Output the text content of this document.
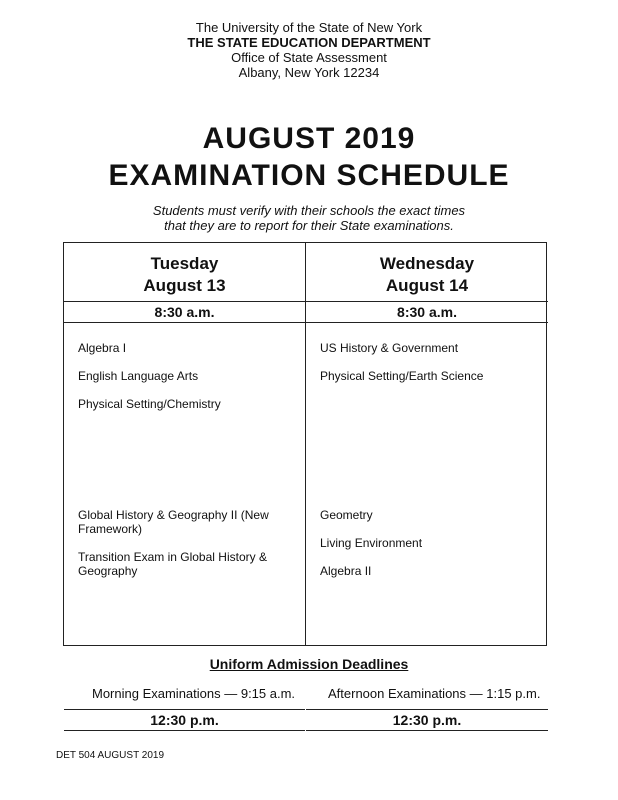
The University of the State of New York
THE STATE EDUCATION DEPARTMENT
Office of State Assessment
Albany, New York 12234
AUGUST 2019
EXAMINATION SCHEDULE
Students must verify with their schools the exact times
that they are to report for their State examinations.
Tuesday
August 13
8:30 a.m.
Algebra I
English Language Arts
Physical Setting/Chemistry
12:30 p.m.
Global History & Geography II (New Framework)
Transition Exam in Global History & Geography
Wednesday
August 14
8:30 a.m.
US History & Government
Physical Setting/Earth Science
12:30 p.m.
Geometry
Living Environment
Algebra II
Uniform Admission Deadlines
Morning Examinations — 9:15 a.m.	Afternoon Examinations — 1:15 p.m.
DET 504 AUGUST 2019
